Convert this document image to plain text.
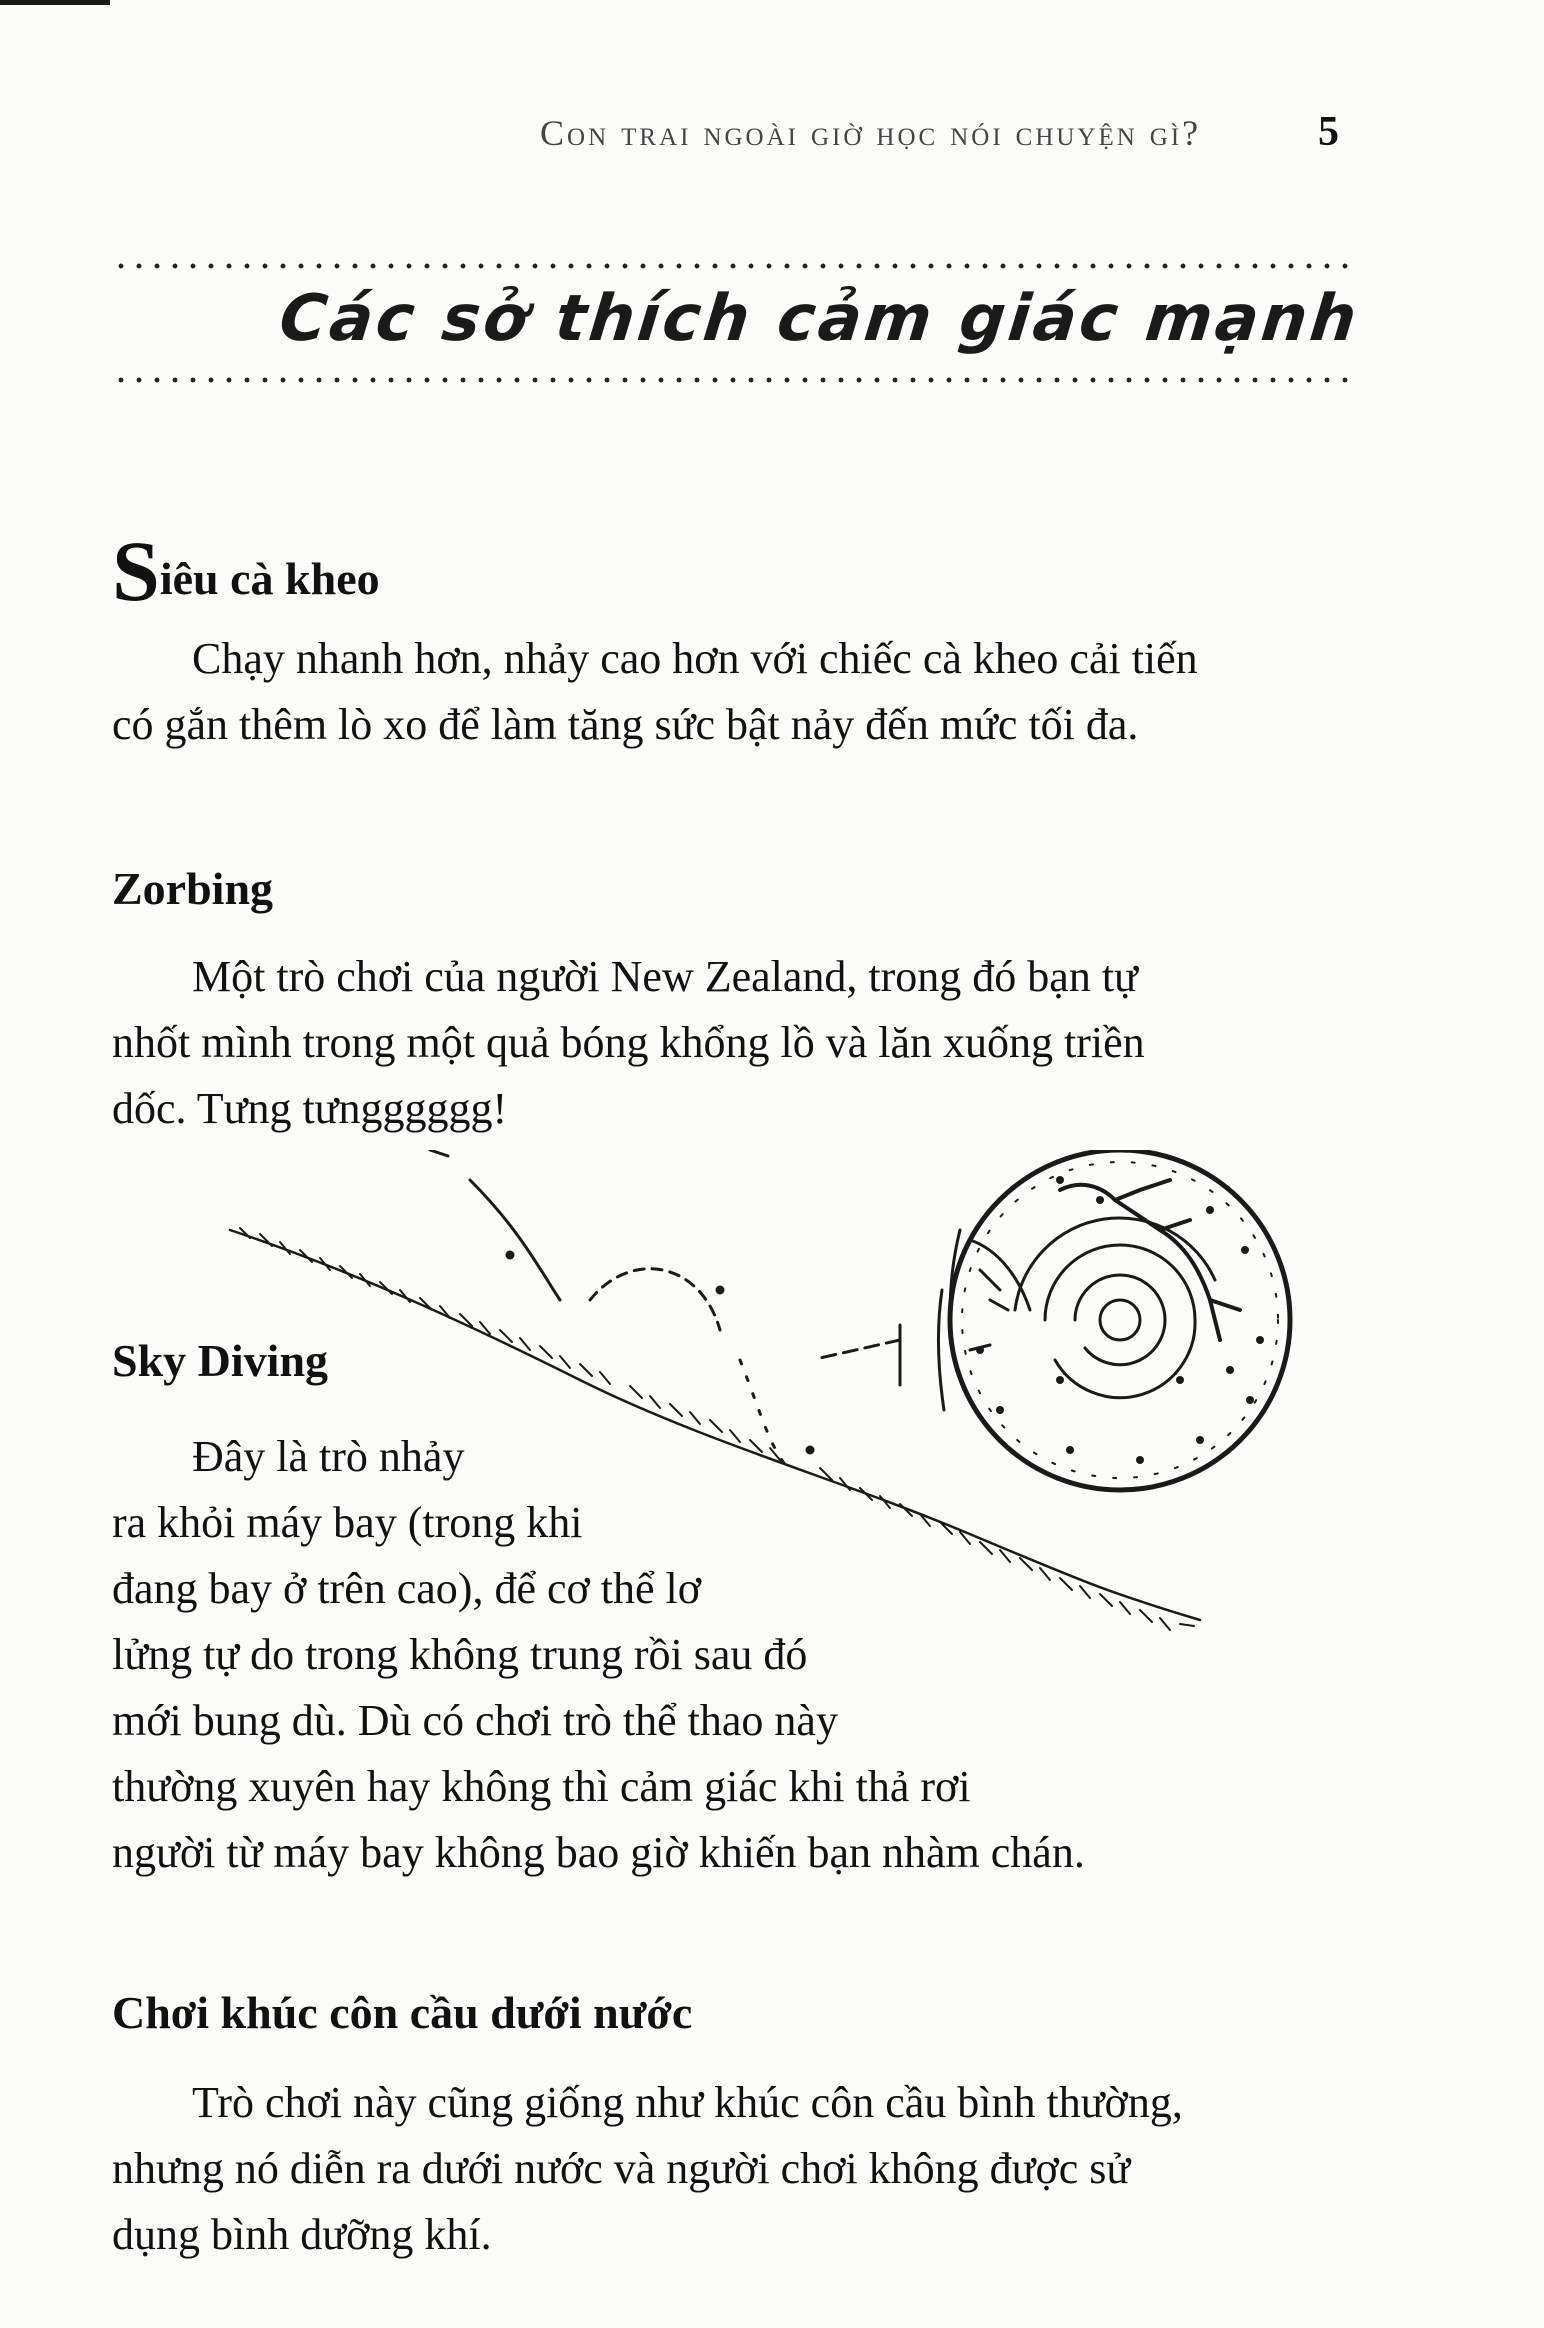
Con trai ngoài giờ học nói chuyện gì?	5
Các sở thích cảm giác mạnh
Siêu cà kheo

Chạy nhanh hơn, nhảy cao hơn với chiếc cà kheo cải tiến

có gắn thêm lò xo để làm tăng sức bật nảy đến mức tối đa.

Zorbing

Một trò chơi của người New Zealand, trong đó bạn tự

nhốt mình trong một quả bóng khổng lồ và lăn xuống triền

dốc. Tưng tưngggggg!

Sky Diving

Đây là trò nhảy

ra khỏi máy bay (trong khi

đang bay ở trên cao), để cơ thể lơ

lửng tự do trong không trung rồi sau đó

mới bung dù. Dù có chơi trò thể thao này

thường xuyên hay không thì cảm giác khi thả rơi

người từ máy bay không bao giờ khiến bạn nhàm chán.

Chơi khúc côn cầu dưới nước

Trò chơi này cũng giống như khúc côn cầu bình thường,

nhưng nó diễn ra dưới nước và người chơi không được sử

dụng bình dưỡng khí.
